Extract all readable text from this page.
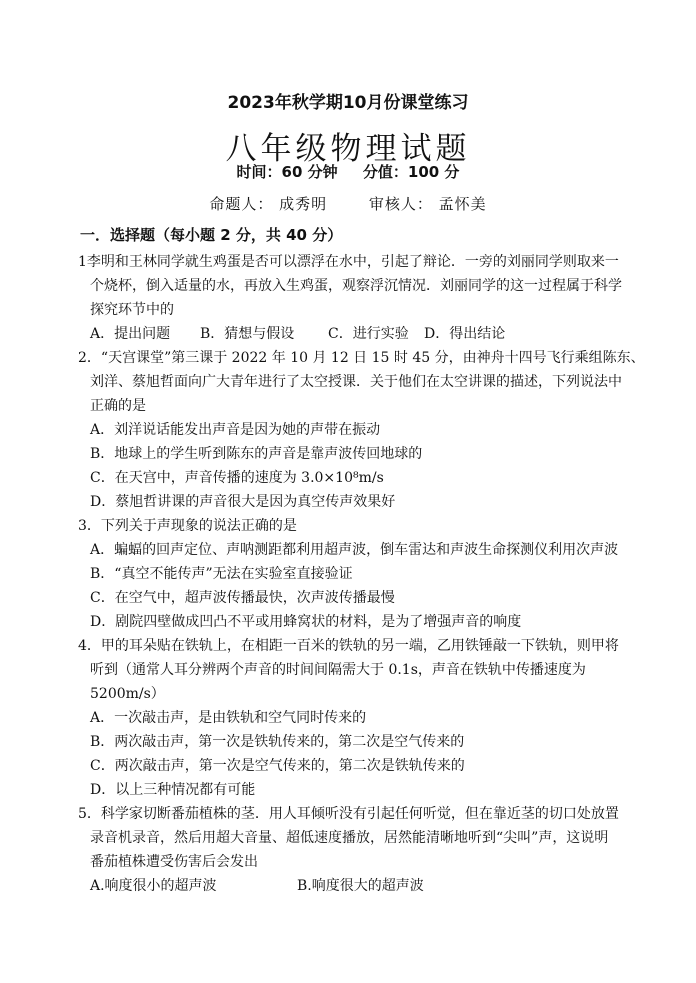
2023年秋学期10月份课堂练习
八年级物理试题
时间：60 分钟 分值：100 分
命题人： 成秀明	审核人： 孟怀美
一．选择题（每小题 2 分，共 40 分）
1李明和王林同学就生鸡蛋是否可以漂浮在水中，引起了辩论．一旁的刘丽同学则取来一
个烧杯，倒入适量的水，再放入生鸡蛋，观察浮沉情况．刘丽同学的这一过程属于科学
探究环节中的
A．提出问题 B．猜想与假设 C．进行实验 D．得出结论
2．“天宫课堂”第三课于 2022 年 10 月 12 日 15 时 45 分，由神舟十四号飞行乘组陈东、
刘洋、蔡旭哲面向广大青年进行了太空授课．关于他们在太空讲课的描述，下列说法中
正确的是
A．刘洋说话能发出声音是因为她的声带在振动
B．地球上的学生听到陈东的声音是靠声波传回地球的
C．在天宫中，声音传播的速度为 3.0×10⁸m/s
D．蔡旭哲讲课的声音很大是因为真空传声效果好
3．下列关于声现象的说法正确的是
A．蝙蝠的回声定位、声呐测距都利用超声波，倒车雷达和声波生命探测仪利用次声波
B．“真空不能传声”无法在实验室直接验证
C．在空气中，超声波传播最快，次声波传播最慢
D．剧院四壁做成凹凸不平或用蜂窝状的材料，是为了增强声音的响度
4．甲的耳朵贴在铁轨上，在相距一百米的铁轨的另一端，乙用铁锤敲一下铁轨，则甲将
听到（通常人耳分辨两个声音的时间间隔需大于 0.1s，声音在铁轨中传播速度为
5200m/s）
A．一次敲击声，是由铁轨和空气同时传来的
B．两次敲击声，第一次是铁轨传来的，第二次是空气传来的
C．两次敲击声，第一次是空气传来的，第二次是铁轨传来的
D．以上三种情况都有可能
5．科学家切断番茄植株的茎．用人耳倾听没有引起任何听觉，但在靠近茎的切口处放置
录音机录音，然后用超大音量、超低速度播放，居然能清晰地听到“尖叫”声，这说明
番茄植株遭受伤害后会发出
A.响度很小的超声波	B.响度很大的超声波
